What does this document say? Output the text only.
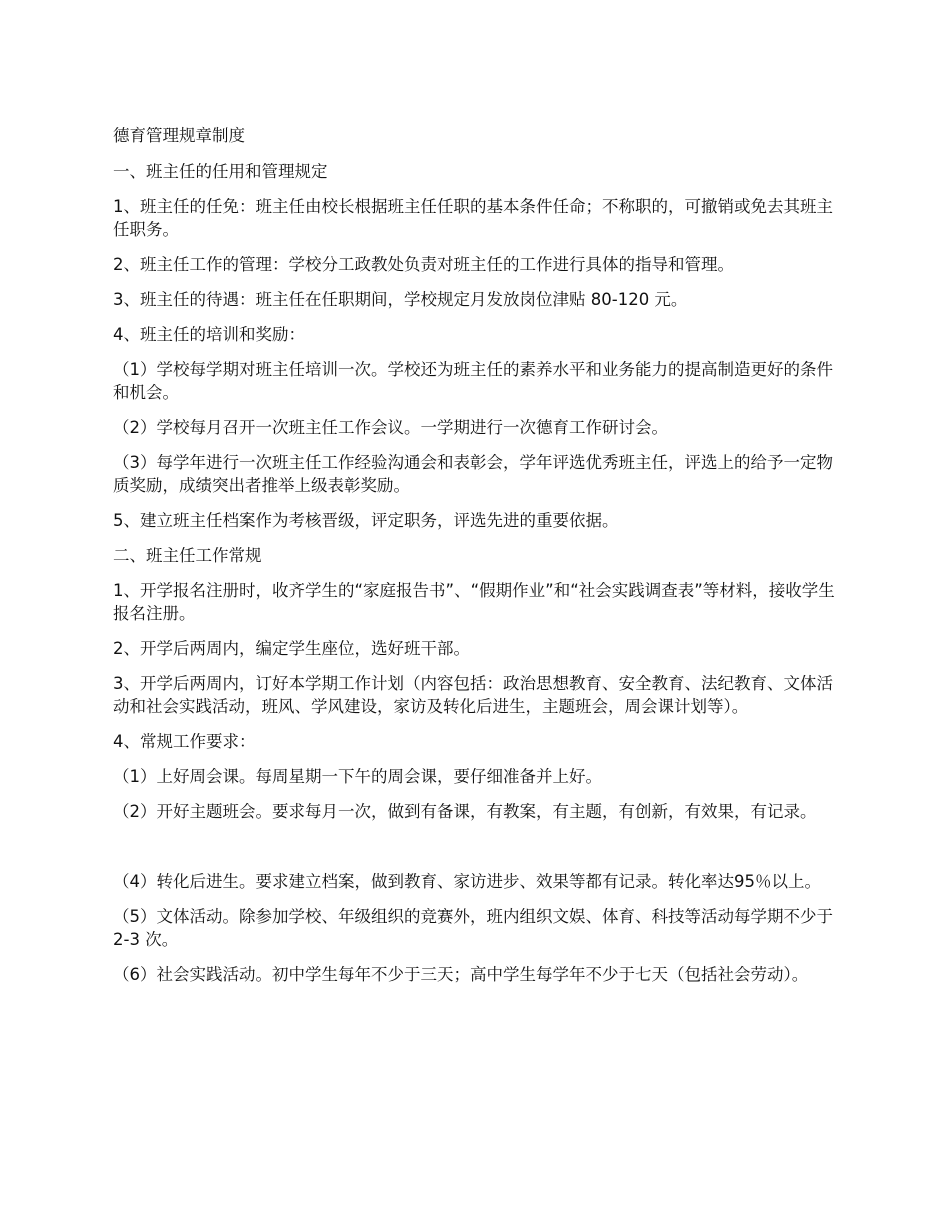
德育管理规章制度

一、班主任的任用和管理规定

1、班主任的任免：班主任由校长根据班主任任职的基本条件任命；不称职的，可撤销或免去其班主任职务。

2、班主任工作的管理：学校分工政教处负责对班主任的工作进行具体的指导和管理。

3、班主任的待遇：班主任在任职期间，学校规定月发放岗位津贴 80-120 元。

4、班主任的培训和奖励：

（1）学校每学期对班主任培训一次。学校还为班主任的素养水平和业务能力的提高制造更好的条件和机会。

（2）学校每月召开一次班主任工作会议。一学期进行一次德育工作研讨会。

（3）每学年进行一次班主任工作经验沟通会和表彰会，学年评选优秀班主任，评选上的给予一定物质奖励，成绩突出者推举上级表彰奖励。

5、建立班主任档案作为考核晋级，评定职务，评选先进的重要依据。

二、班主任工作常规

1、开学报名注册时，收齐学生的“家庭报告书”、“假期作业”和“社会实践调查表”等材料，接收学生报名注册。

2、开学后两周内，编定学生座位，选好班干部。

3、开学后两周内，订好本学期工作计划（内容包括：政治思想教育、安全教育、法纪教育、文体活动和社会实践活动，班风、学风建设，家访及转化后进生，主题班会，周会课计划等）。

4、常规工作要求：

（1）上好周会课。每周星期一下午的周会课，要仔细准备并上好。

（2）开好主题班会。要求每月一次，做到有备课，有教案，有主题，有创新，有效果，有记录。

（4）转化后进生。要求建立档案，做到教育、家访进步、效果等都有记录。转化率达95％以上。

（5）文体活动。除参加学校、年级组织的竞赛外，班内组织文娱、体育、科技等活动每学期不少于 2-3 次。

（6）社会实践活动。初中学生每年不少于三天；高中学生每学年不少于七天（包括社会劳动）。
